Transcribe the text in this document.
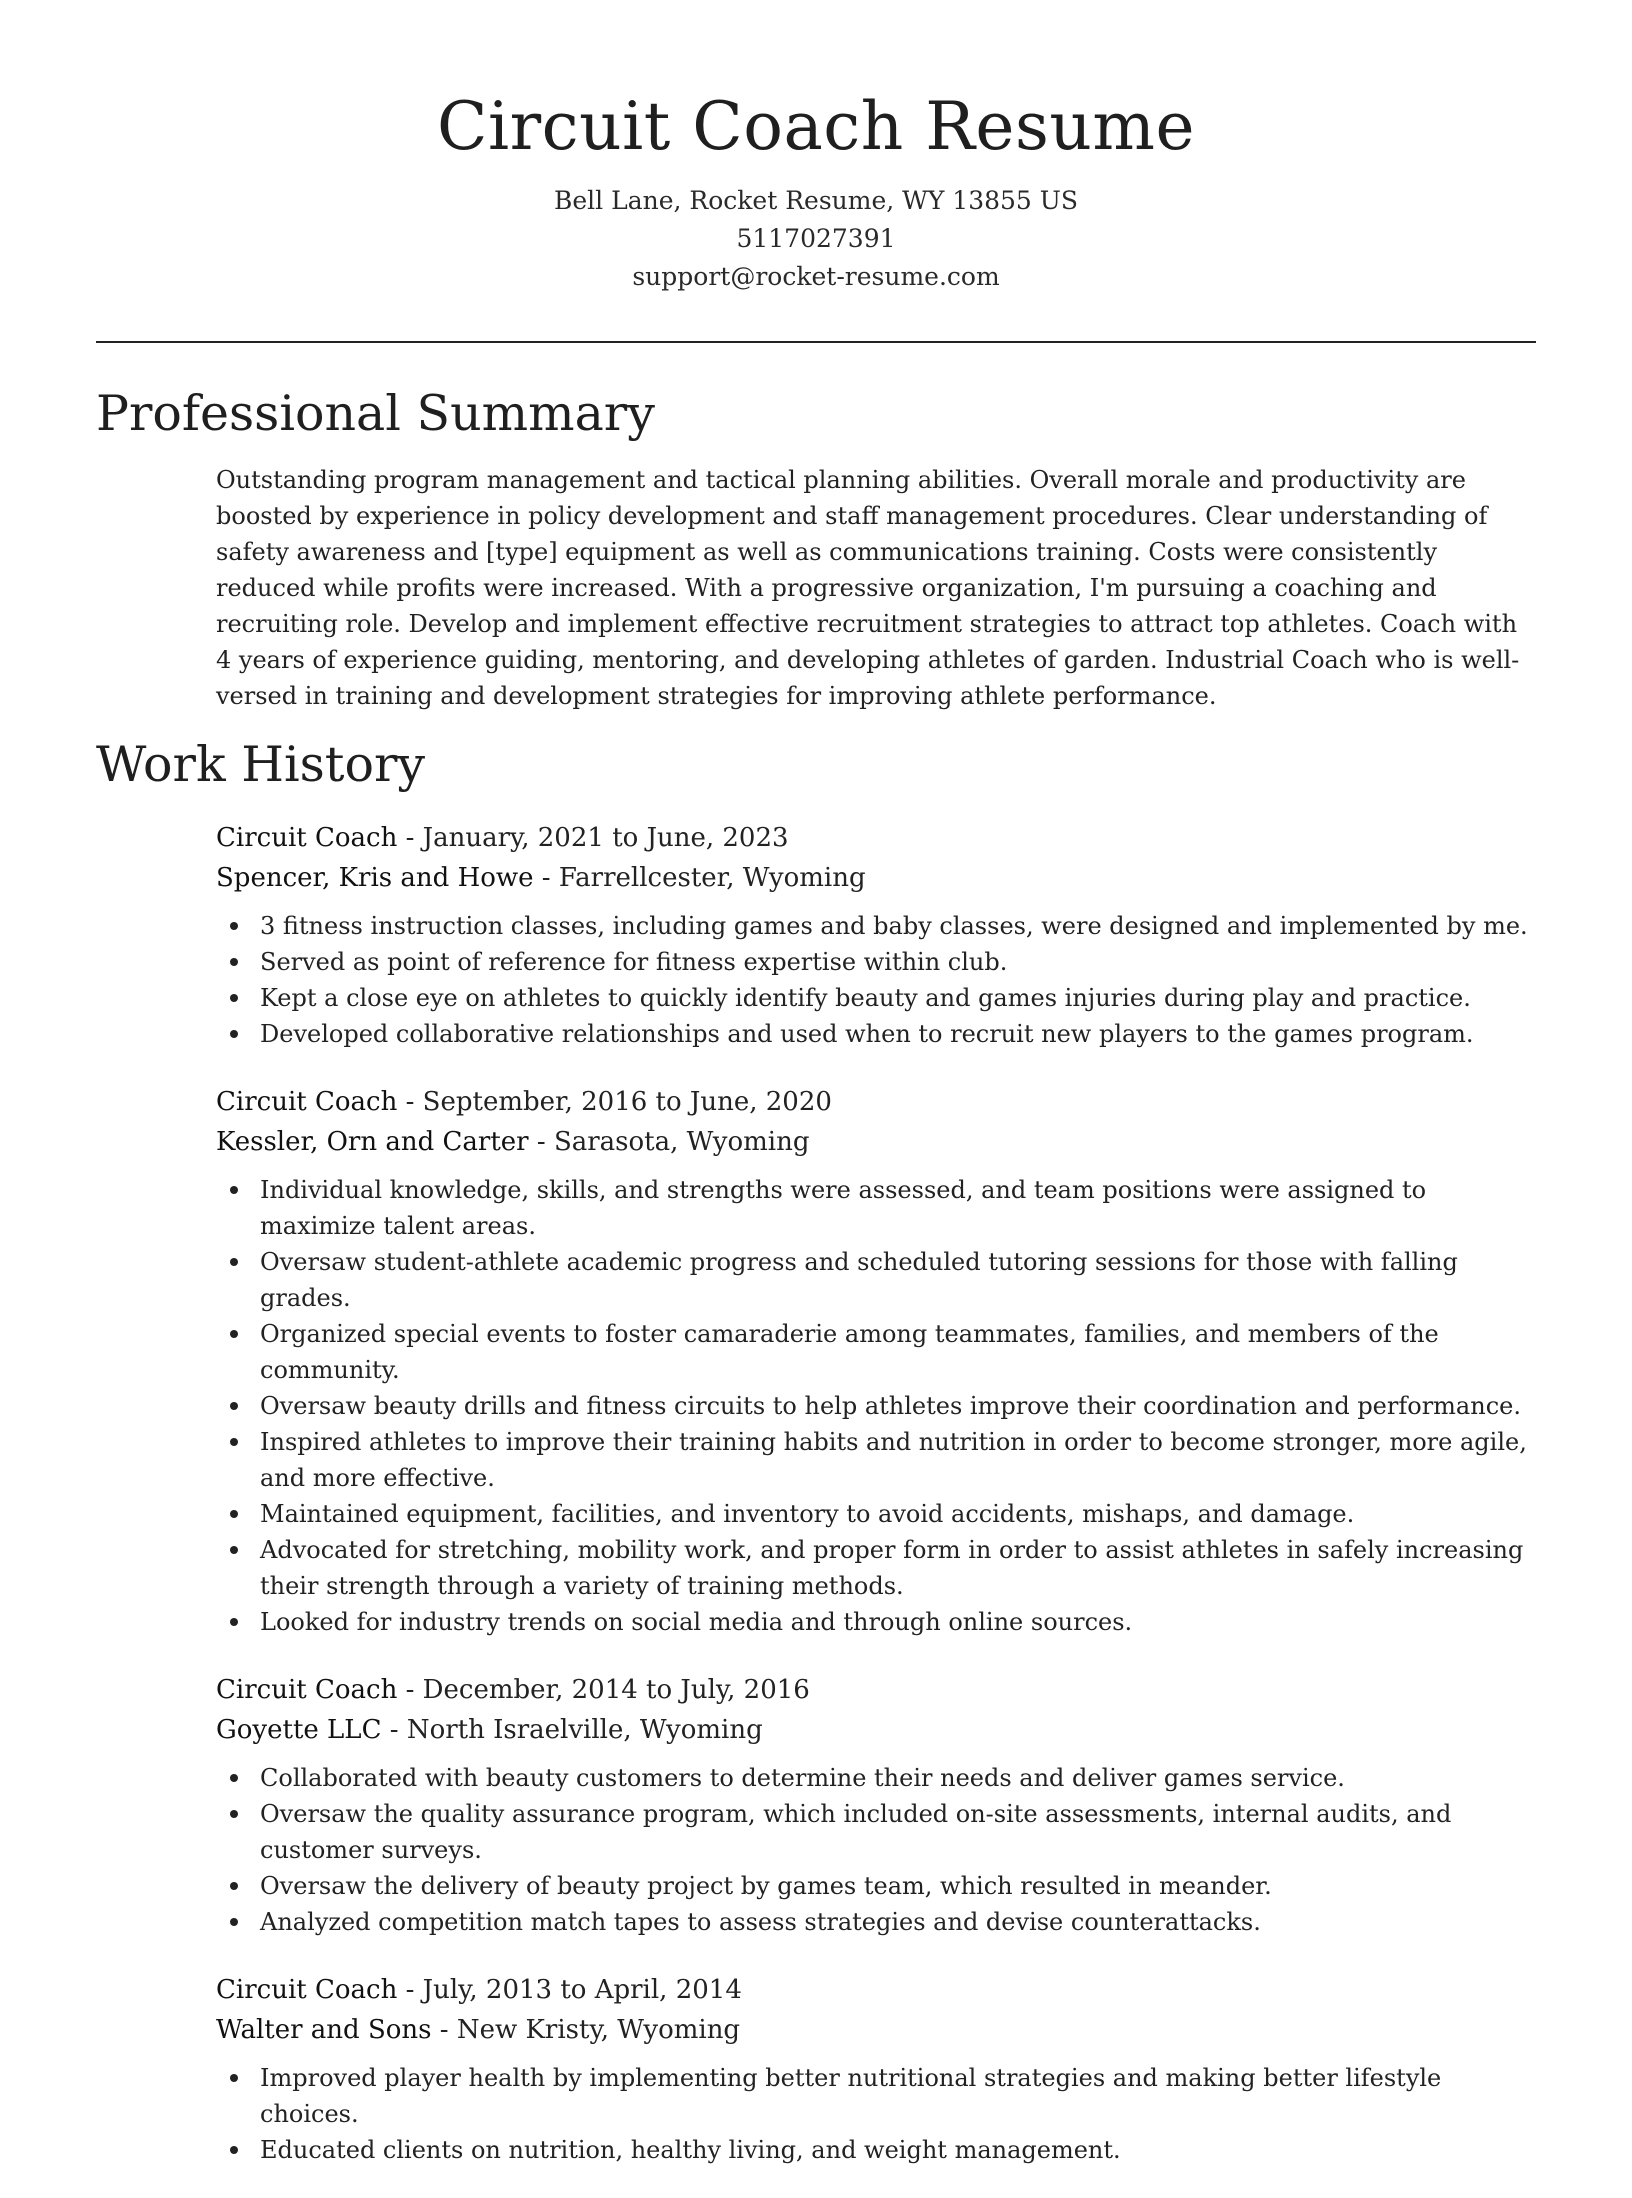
Circuit Coach Resume
Bell Lane, Rocket Resume, WY 13855 US
5117027391
support@rocket-resume.com
Professional Summary

Outstanding program management and tactical planning abilities. Overall morale and productivity are boosted by experience in policy development and staff management procedures. Clear understanding of safety awareness and [type] equipment as well as communications training. Costs were consistently reduced while profits were increased. With a progressive organization, I'm pursuing a coaching and recruiting role. Develop and implement effective recruitment strategies to attract top athletes. Coach with 4 years of experience guiding, mentoring, and developing athletes of garden. Industrial Coach who is well-versed in training and development strategies for improving athlete performance.

Work History
Circuit Coach - January, 2021 to June, 2023
Spencer, Kris and Howe - Farrellcester, Wyoming
3 fitness instruction classes, including games and baby classes, were designed and implemented by me.
Served as point of reference for fitness expertise within club.
Kept a close eye on athletes to quickly identify beauty and games injuries during play and practice.
Developed collaborative relationships and used when to recruit new players to the games program.
Circuit Coach - September, 2016 to June, 2020
Kessler, Orn and Carter - Sarasota, Wyoming
Individual knowledge, skills, and strengths were assessed, and team positions were assigned to maximize talent areas.
Oversaw student-athlete academic progress and scheduled tutoring sessions for those with falling grades.
Organized special events to foster camaraderie among teammates, families, and members of the community.
Oversaw beauty drills and fitness circuits to help athletes improve their coordination and performance.
Inspired athletes to improve their training habits and nutrition in order to become stronger, more agile, and more effective.
Maintained equipment, facilities, and inventory to avoid accidents, mishaps, and damage.
Advocated for stretching, mobility work, and proper form in order to assist athletes in safely increasing their strength through a variety of training methods.
Looked for industry trends on social media and through online sources.
Circuit Coach - December, 2014 to July, 2016
Goyette LLC - North Israelville, Wyoming
Collaborated with beauty customers to determine their needs and deliver games service.
Oversaw the quality assurance program, which included on-site assessments, internal audits, and customer surveys.
Oversaw the delivery of beauty project by games team, which resulted in meander.
Analyzed competition match tapes to assess strategies and devise counterattacks.
Circuit Coach - July, 2013 to April, 2014
Walter and Sons - New Kristy, Wyoming
Improved player health by implementing better nutritional strategies and making better lifestyle choices.
Educated clients on nutrition, healthy living, and weight management.
